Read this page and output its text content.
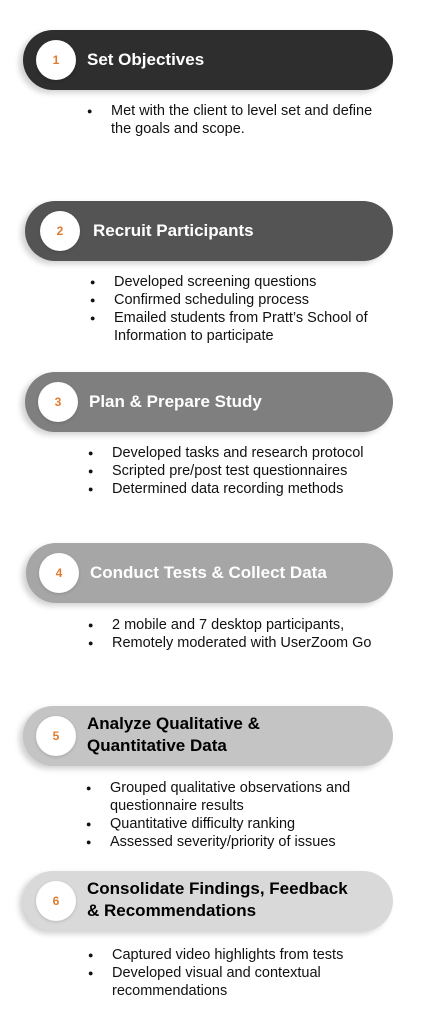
1	Set Objectives
● Met with the client to level set and define the goals and scope.
2	Recruit Participants
● Developed screening questions
● Confirmed scheduling process
● Emailed students from Pratt’s School of Information to participate
3	Plan & Prepare Study
● Developed tasks and research protocol
● Scripted pre/post test questionnaires
● Determined data recording methods
4	Conduct Tests & Collect Data
● 2 mobile and 7 desktop participants,
● Remotely moderated with UserZoom Go
5
Analyze Qualitative &
Quantitative Data
● Grouped qualitative observations and questionnaire results
● Quantitative difficulty ranking
● Assessed severity/priority of issues
6
Consolidate Findings, Feedback
& Recommendations
● Captured video highlights from tests
● Developed visual and contextual recommendations
